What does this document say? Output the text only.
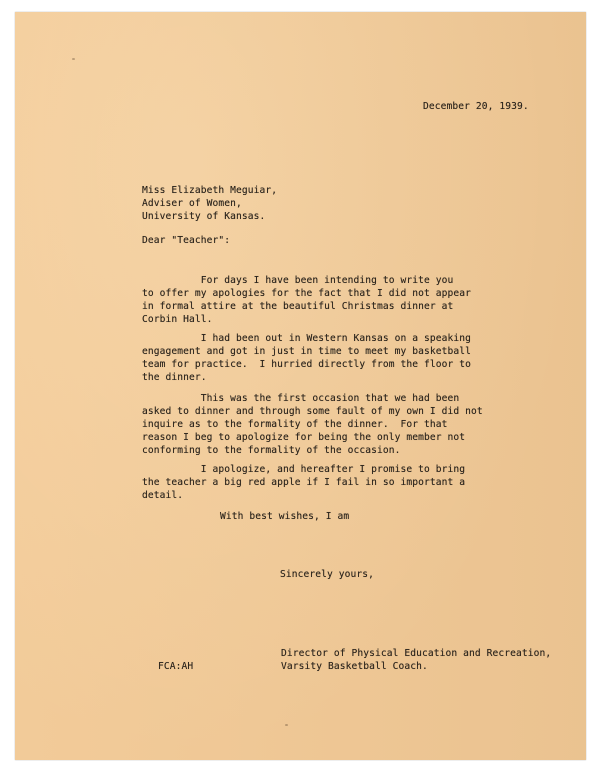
December 20, 1939.
Miss Elizabeth Meguiar,
Adviser of Women,
University of Kansas.
Dear "Teacher":
For days I have been intending to write you
to offer my apologies for the fact that I did not appear
in formal attire at the beautiful Christmas dinner at
Corbin Hall.
I had been out in Western Kansas on a speaking
engagement and got in just in time to meet my basketball
team for practice.  I hurried directly from the floor to
the dinner.
This was the first occasion that we had been
asked to dinner and through some fault of my own I did not
inquire as to the formality of the dinner.  For that
reason I beg to apologize for being the only member not
conforming to the formality of the occasion.
I apologize, and hereafter I promise to bring
the teacher a big red apple if I fail in so important a
detail.
With best wishes, I am
Sincerely yours,
Director of Physical Education and Recreation,
Varsity Basketball Coach.
FCA:AH
